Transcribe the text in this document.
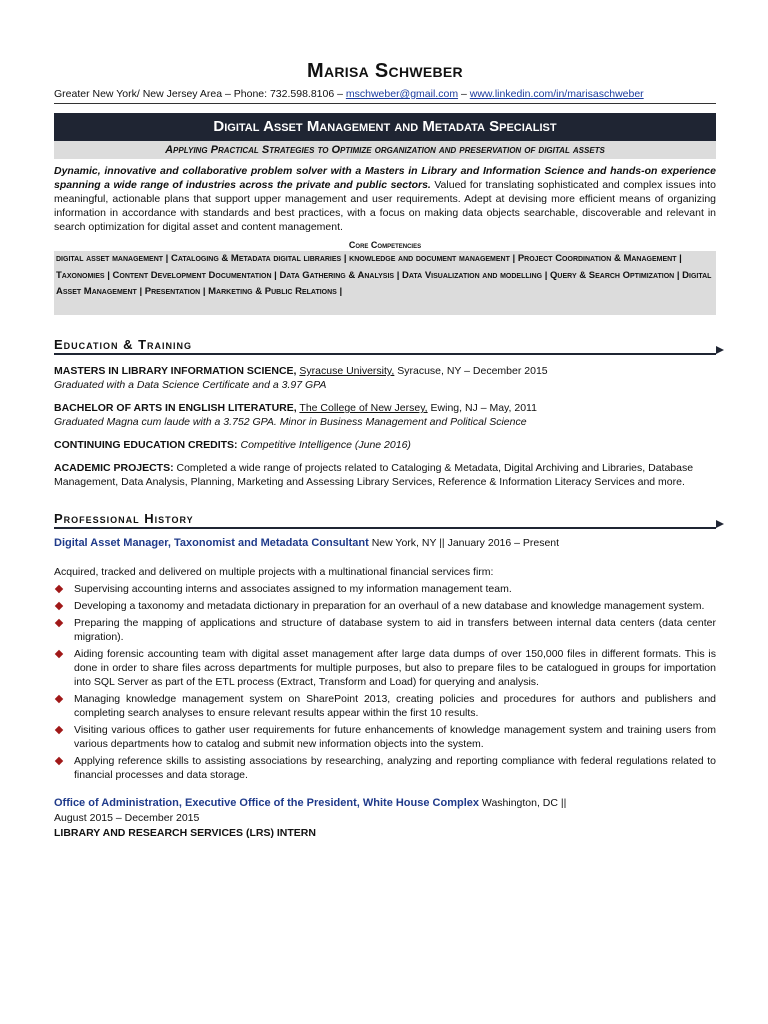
Marisa Schweber
Greater New York/ New Jersey Area – Phone: 732.598.8106 – mschweber@gmail.com – www.linkedin.com/in/marisaschweber
Digital Asset Management and Metadata Specialist
Applying Practical Strategies to Optimize organization and preservation of digital assets
Dynamic, innovative and collaborative problem solver with a Masters in Library and Information Science and hands-on experience spanning a wide range of industries across the private and public sectors. Valued for translating sophisticated and complex issues into meaningful, actionable plans that support upper management and user requirements. Adept at devising more efficient means of organizing information in accordance with standards and best practices, with a focus on making data objects searchable, discoverable and relevant in search optimization for digital asset and content management.
Core Competencies
digital asset management | Cataloging & Metadata digital libraries | knowledge and document management | Project Coordination & Management | Taxonomies | Content Development Documentation | Data Gathering & Analysis | Data Visualization and modelling | Query & Search Optimization | Digital Asset Management | Presentation | Marketing & Public Relations |
Education & Training
MASTERS IN LIBRARY INFORMATION SCIENCE, Syracuse University, Syracuse, NY – December 2015
Graduated with a Data Science Certificate and a 3.97 GPA
BACHELOR OF ARTS IN ENGLISH LITERATURE, The College of New Jersey, Ewing, NJ – May, 2011
Graduated Magna cum laude with a 3.752 GPA. Minor in Business Management and Political Science
CONTINUING EDUCATION CREDITS: Competitive Intelligence (June 2016)
ACADEMIC PROJECTS: Completed a wide range of projects related to Cataloging & Metadata, Digital Archiving and Libraries, Database Management, Data Analysis, Planning, Marketing and Assessing Library Services, Reference & Information Literacy Services and more.
Professional History
Digital Asset Manager, Taxonomist and Metadata Consultant New York, NY || January 2016 – Present
Acquired, tracked and delivered on multiple projects with a multinational financial services firm:
Supervising accounting interns and associates assigned to my information management team.
Developing a taxonomy and metadata dictionary in preparation for an overhaul of a new database and knowledge management system.
Preparing the mapping of applications and structure of database system to aid in transfers between internal data centers (data center migration).
Aiding forensic accounting team with digital asset management after large data dumps of over 150,000 files in different formats. This is done in order to share files across departments for multiple purposes, but also to prepare files to be catalogued in groups for importation into SQL Server as part of the ETL process (Extract, Transform and Load) for querying and analysis.
Managing knowledge management system on SharePoint 2013, creating policies and procedures for authors and publishers and completing search analyses to ensure relevant results appear within the first 10 results.
Visiting various offices to gather user requirements for future enhancements of knowledge management system and training users from various departments how to catalog and submit new information objects into the system.
Applying reference skills to assisting associations by researching, analyzing and reporting compliance with federal regulations related to financial processes and data storage.
Office of Administration, Executive Office of the President, White House Complex Washington, DC ||
August 2015 – December 2015
LIBRARY AND RESEARCH SERVICES (LRS) INTERN
